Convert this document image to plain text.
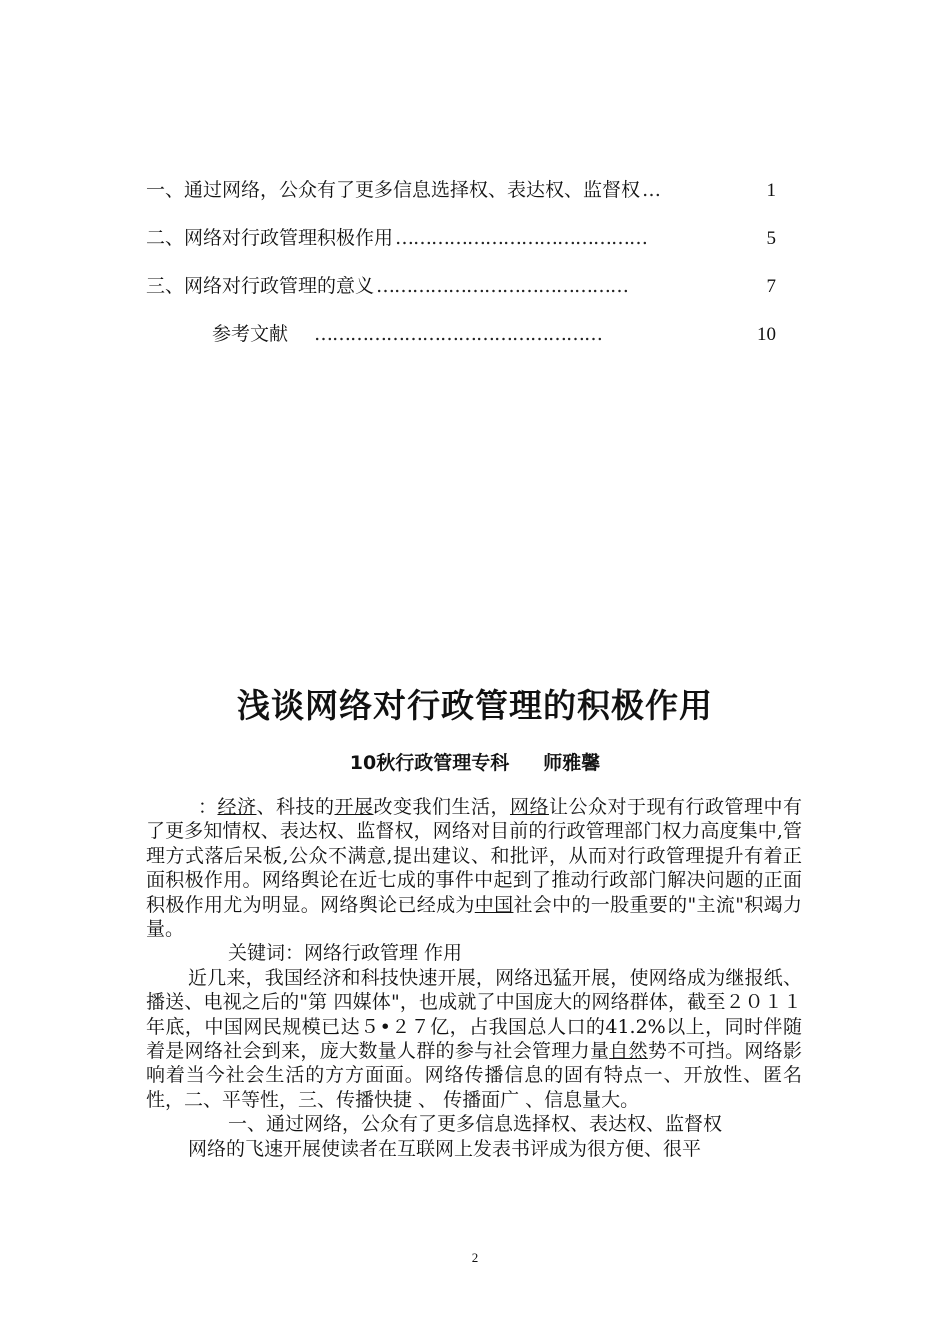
一、通过网络，公众有了更多信息选择权、表达权、监督权 …	1
二、网络对行政管理积极作用 ……………………………………	5
三、网络对行政管理的意义 ……………………………………	7
参考文献 …………………………………………	10
浅谈网络对行政管理的积极作用
10秋行政管理专科 师雅馨

：经济、科技的开展改变我们生活，网络让公众对于现有行政管理中有了更多知情权、表达权、监督权，网络对目前的行政管理部门权力高度集中,管理方式落后呆板,公众不满意,提出建议、和批评，从而对行政管理提升有着正面积极作用。网络舆论在近七成的事件中起到了推动行政部门解决问题的正面积极作用尤为明显。网络舆论已经成为中国社会中的一股重要的"主流"积竭力量。

关键词：网络行政管理 作用

近几来，我国经济和科技快速开展，网络迅猛开展，使网络成为继报纸、播送、电视之后的"第 四媒体"，也成就了中国庞大的网络群体，截至２０１１年底，中国网民规模已达５•２７亿，占我国总人口的41.2%以上，同时伴随着是网络社会到来，庞大数量人群的参与社会管理力量自然势不可挡。网络影响着当今社会生活的方方面面。网络传播信息的固有特点一、开放性、匿名性，二、平等性，三、传播快捷 、 传播面广 、信息量大。

一、通过网络，公众有了更多信息选择权、表达权、监督权

网络的飞速开展使读者在互联网上发表书评成为很方便、很平

2
